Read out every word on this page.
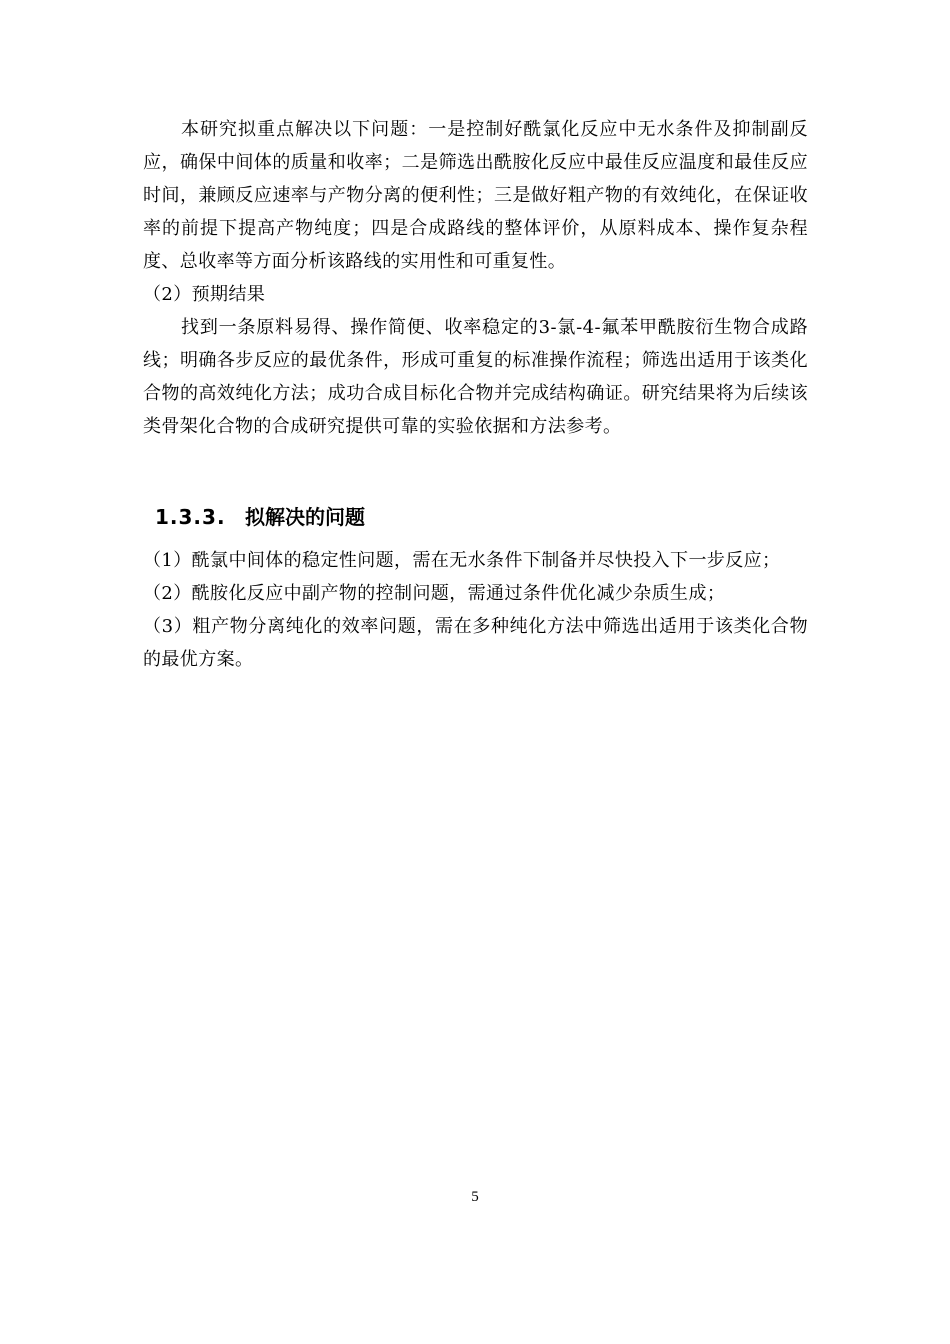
本研究拟重点解决以下问题：一是控制好酰氯化反应中无水条件及抑制副反应，确保中间体的质量和收率；二是筛选出酰胺化反应中最佳反应温度和最佳反应时间，兼顾反应速率与产物分离的便利性；三是做好粗产物的有效纯化，在保证收率的前提下提高产物纯度；四是合成路线的整体评价，从原料成本、操作复杂程度、总收率等方面分析该路线的实用性和可重复性。

（2）预期结果

找到一条原料易得、操作简便、收率稳定的3-氯-4-氟苯甲酰胺衍生物合成路线；明确各步反应的最优条件，形成可重复的标准操作流程；筛选出适用于该类化合物的高效纯化方法；成功合成目标化合物并完成结构确证。研究结果将为后续该类骨架化合物的合成研究提供可靠的实验依据和方法参考。

1.3.3. 拟解决的问题

（1）酰氯中间体的稳定性问题，需在无水条件下制备并尽快投入下一步反应；

（2）酰胺化反应中副产物的控制问题，需通过条件优化减少杂质生成；

（3）粗产物分离纯化的效率问题，需在多种纯化方法中筛选出适用于该类化合物的最优方案。

5
